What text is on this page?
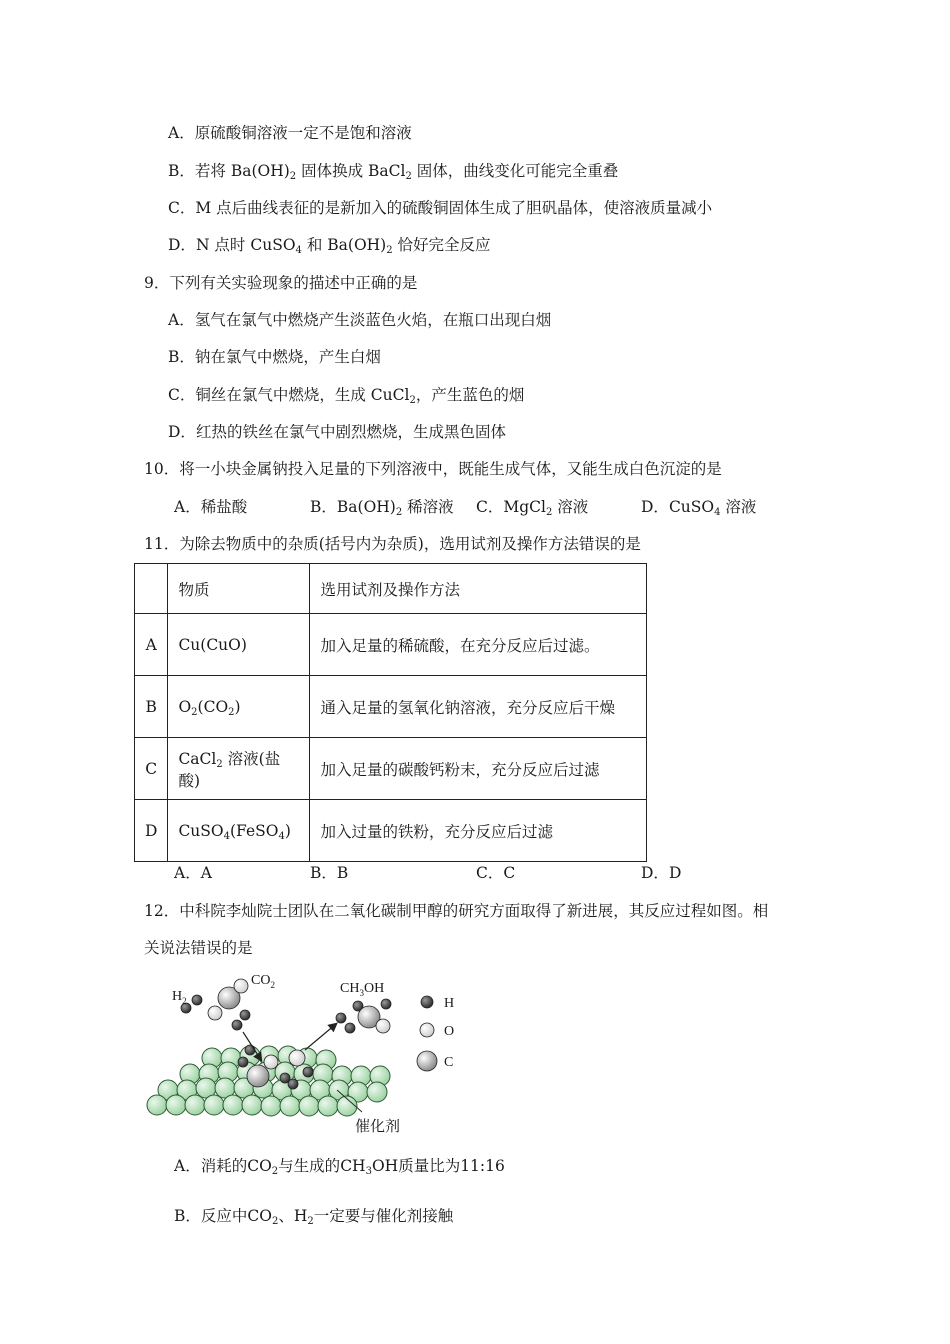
A．原硫酸铜溶液一定不是饱和溶液
B．若将 $Ba(OH)_2$ 固体换成 BaCl$_2$ 固体，曲线变化可能完全重叠
C．M 点后曲线表征的是新加入的硫酸铜固体生成了胆矾晶体，使溶液质量减小
D．N 点时 CuSO$_4$ 和 $Ba(OH)_2$ 恰好完全反应
9．下列有关实验现象的描述中正确的是
A．氢气在氯气中燃烧产生淡蓝色火焰，在瓶口出现白烟
B．钠在氯气中燃烧，产生白烟
C．铜丝在氯气中燃烧，生成 CuCl$_2$，产生蓝色的烟
D．红热的铁丝在氯气中剧烈燃烧，生成黑色固体
10．将一小块金属钠投入足量的下列溶液中，既能生成气体，又能生成白色沉淀的是
A．稀盐酸	B．$Ba(OH)_2$ 稀溶液 C．MgCl$_2$ 溶液	D．CuSO$_4$ 溶液
11．为除去物质中的杂质(括号内为杂质)，选用试剂及操作方法错误的是
	物质	选用试剂及操作方法
A	Cu(CuO)	加入足量的稀硫酸，在充分反应后过滤。
B	$O_2(CO_2)$	通入足量的氢氧化钠溶液，充分反应后干燥
C	CaCl$_2$ 溶液(盐酸)	加入足量的碳酸钙粉末，充分反应后过滤
D	CuSO$_4$(FeSO$_4$)	加入过量的铁粉，充分反应后过滤
A．A	B．B	C．C	D．D
12．中科院李灿院士团队在二氧化碳制甲醇的研究方面取得了新进展，其反应过程如图。相
关说法错误的是
$H_2$
$CO_2$	$CH_3OH$
H
O
C
催化剂
A．消耗的$CO_2$与生成的$CH_3OH$质量比为11:16
B．反应中$CO_2$、$H_2$一定要与催化剂接触
